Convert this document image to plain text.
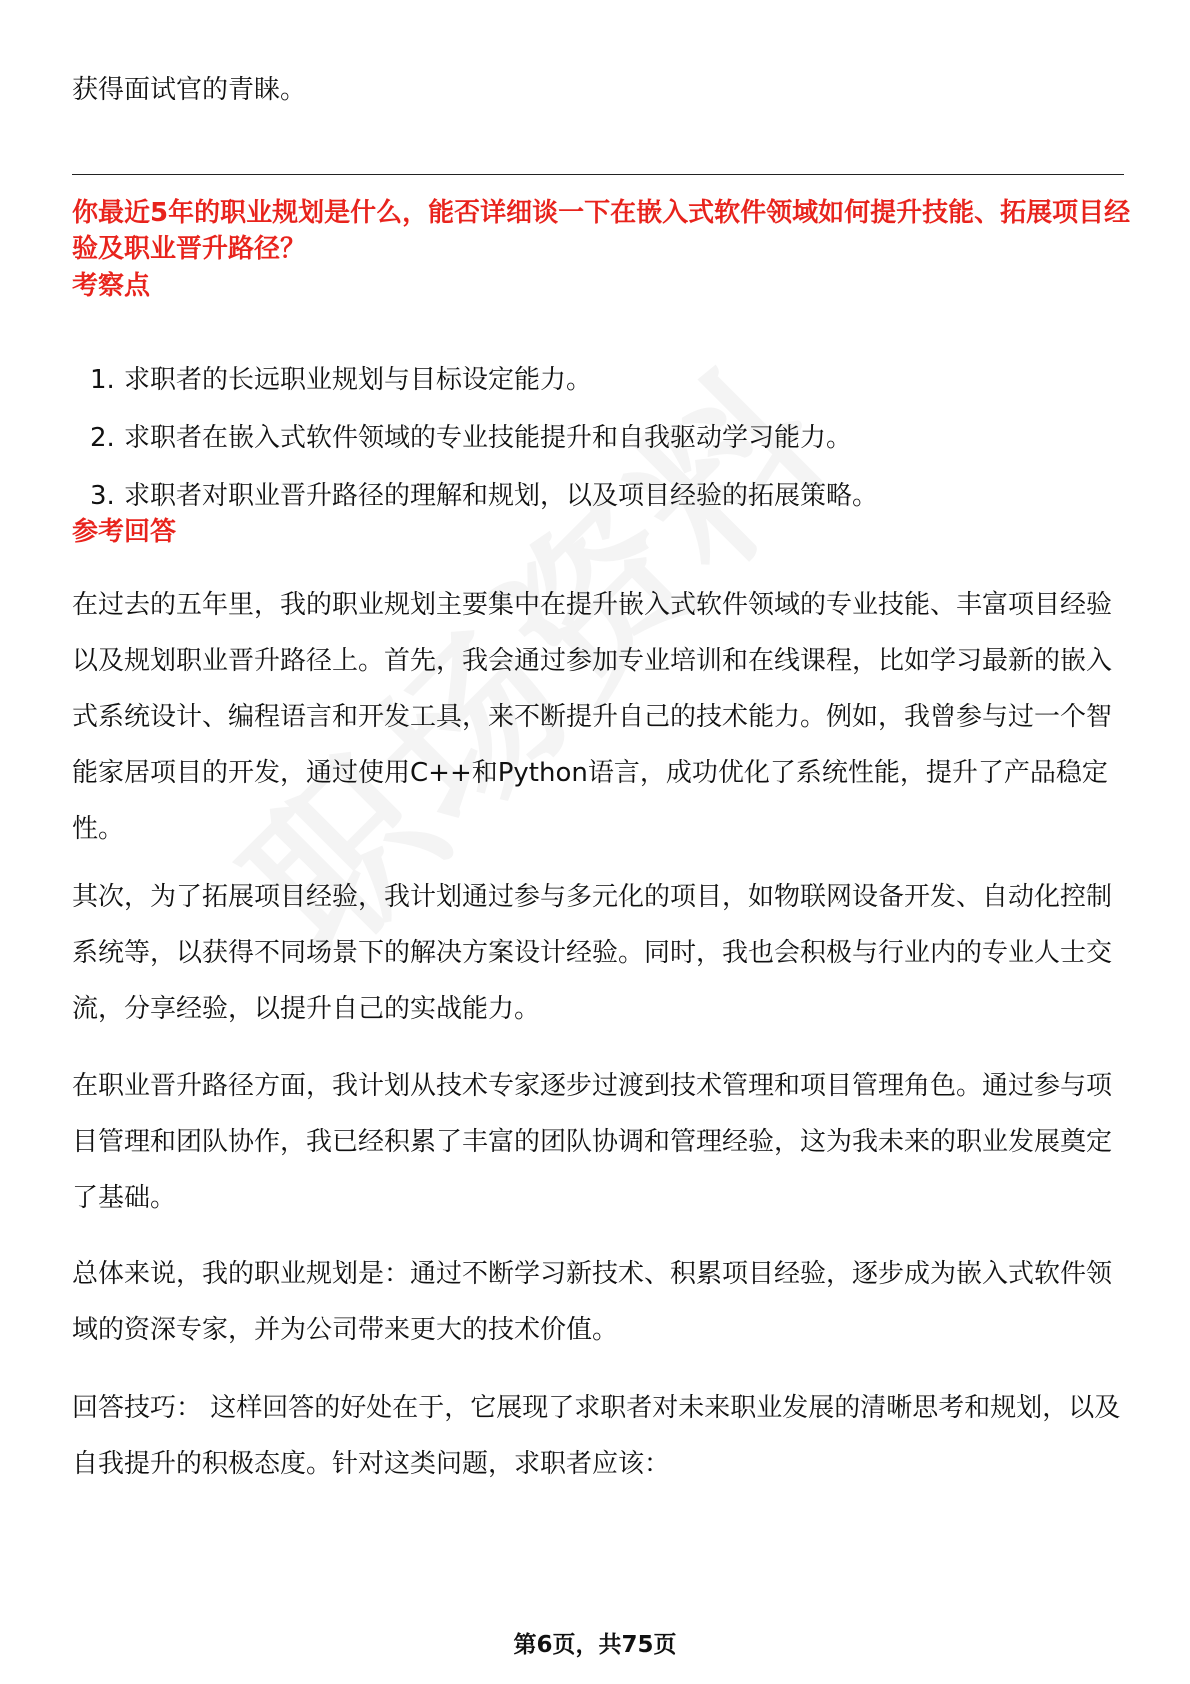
获得面试官的青睐。

你最近5年的职业规划是什么，能否详细谈一下在嵌入式软件领域如何提升技能、拓展项目经验及职业晋升路径？
考察点
1. 求职者的长远职业规划与目标设定能力。
2. 求职者在嵌入式软件领域的专业技能提升和自我驱动学习能力。
3. 求职者对职业晋升路径的理解和规划，以及项目经验的拓展策略。
参考回答

在过去的五年里，我的职业规划主要集中在提升嵌入式软件领域的专业技能、丰富项目经验以及规划职业晋升路径上。首先，我会通过参加专业培训和在线课程，比如学习最新的嵌入式系统设计、编程语言和开发工具，来不断提升自己的技术能力。例如，我曾参与过一个智能家居项目的开发，通过使用C++和Python语言，成功优化了系统性能，提升了产品稳定性。

其次，为了拓展项目经验，我计划通过参与多元化的项目，如物联网设备开发、自动化控制系统等，以获得不同场景下的解决方案设计经验。同时，我也会积极与行业内的专业人士交流，分享经验，以提升自己的实战能力。

在职业晋升路径方面，我计划从技术专家逐步过渡到技术管理和项目管理角色。通过参与项目管理和团队协作，我已经积累了丰富的团队协调和管理经验，这为我未来的职业发展奠定了基础。

总体来说，我的职业规划是：通过不断学习新技术、积累项目经验，逐步成为嵌入式软件领域的资深专家，并为公司带来更大的技术价值。

回答技巧： 这样回答的好处在于，它展现了求职者对未来职业发展的清晰思考和规划，以及自我提升的积极态度。针对这类问题，求职者应该：

第6页，共75页
